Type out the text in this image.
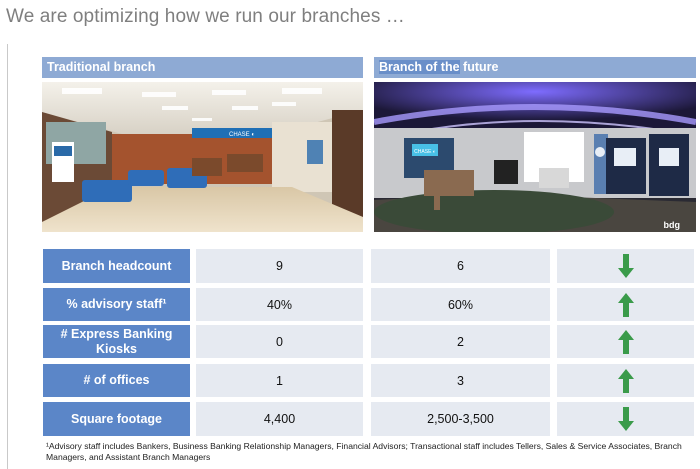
We are optimizing how we run our branches …
Traditional branch	Branch of the future
CHASE ◐
CHASE ◐
bdg
Branch headcount	9	6
% advisory staff¹	40%	60%
# Express Banking Kiosks	0	2
# of offices	1	3
Square footage	4,400	2,500-3,500
¹Advisory staff includes Bankers, Business Banking Relationship Managers, Financial Advisors; Transactional staff includes Tellers, Sales & Service Associates, Branch Managers, and Assistant Branch Managers
